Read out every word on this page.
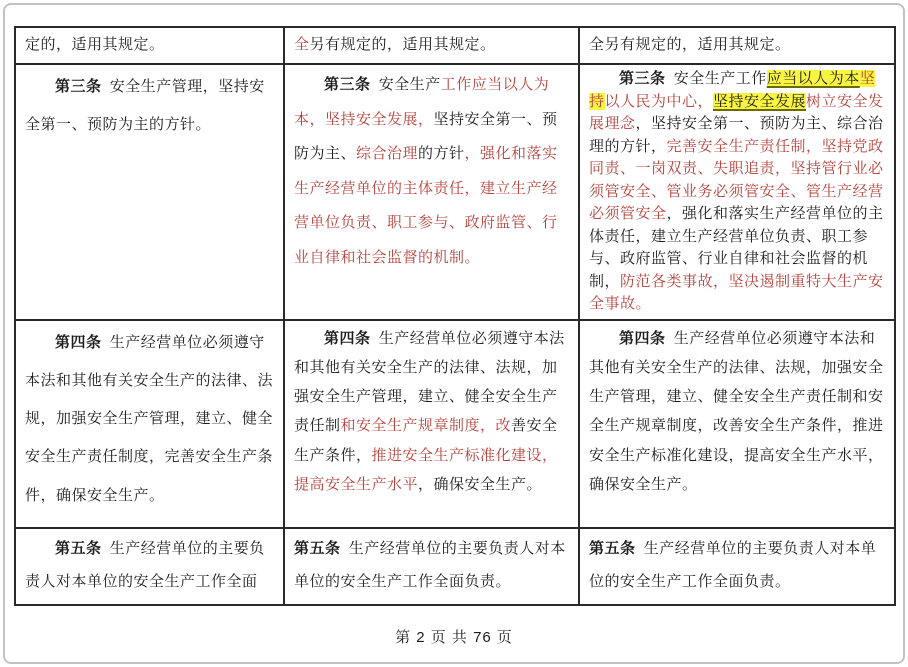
定的，适用其规定。	全另有规定的，适用其规定。	全另有规定的，适用其规定。
第三条 安全生产管理，坚持安全第一、预防为主的方针。	第三条 安全生产工作应当以人为本，坚持安全发展，坚持安全第一、预防为主、综合治理的方针，强化和落实生产经营单位的主体责任，建立生产经营单位负责、职工参与、政府监管、行业自律和社会监督的机制。	第三条 安全生产工作应当以人为本坚持以人民为中心，坚持安全发展树立安全发展理念，坚持安全第一、预防为主、综合治理的方针，完善安全生产责任制，坚持党政同责、一岗双责、失职追责，坚持管行业必须管安全、管业务必须管安全、管生产经营必须管安全，强化和落实生产经营单位的主体责任，建立生产经营单位负责、职工参与、政府监管、行业自律和社会监督的机制，防范各类事故，坚决遏制重特大生产安全事故。
第四条 生产经营单位必须遵守本法和其他有关安全生产的法律、法规，加强安全生产管理，建立、健全安全生产责任制度，完善安全生产条件，确保安全生产。	第四条 生产经营单位必须遵守本法和其他有关安全生产的法律、法规，加强安全生产管理，建立、健全安全生产责任制和安全生产规章制度，改善安全生产条件，推进安全生产标准化建设，提高安全生产水平，确保安全生产。	第四条 生产经营单位必须遵守本法和其他有关安全生产的法律、法规，加强安全生产管理，建立、健全安全生产责任制和安全生产规章制度，改善安全生产条件，推进安全生产标准化建设，提高安全生产水平，确保安全生产。
第五条 生产经营单位的主要负责人对本单位的安全生产工作全面	第五条 生产经营单位的主要负责人对本单位的安全生产工作全面负责。	第五条 生产经营单位的主要负责人对本单位的安全生产工作全面负责。
第 2 页 共 76 页
